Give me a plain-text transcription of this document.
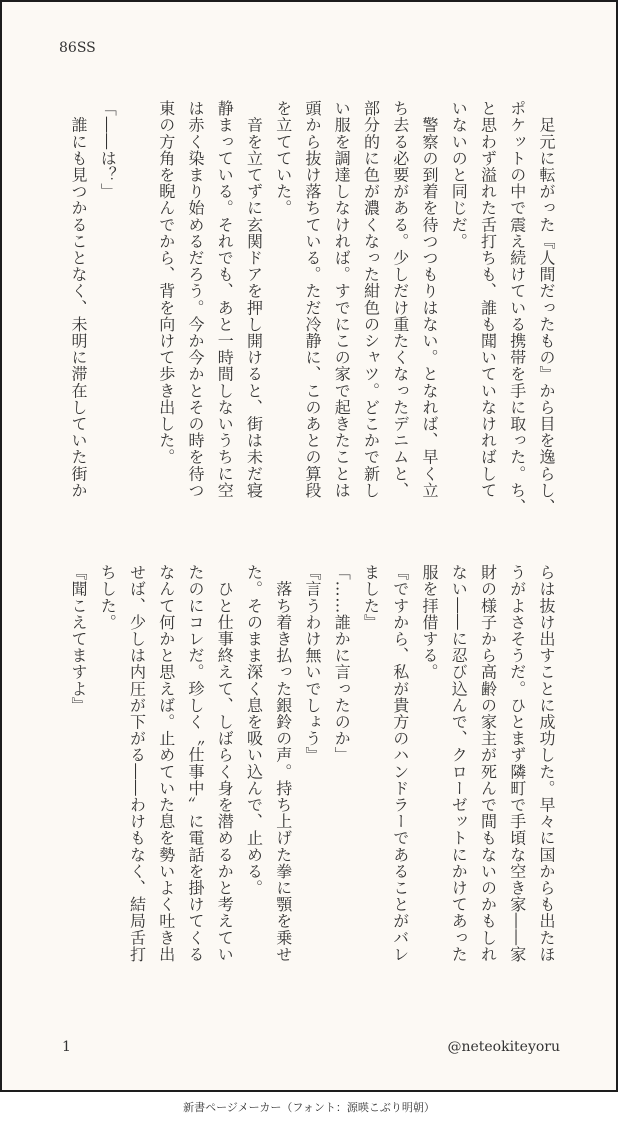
86SS
　足元に転がった『人間だったもの』から目を逸らし、
ポケットの中で震え続けている携帯を手に取った。ち、
と思わず溢れた舌打ちも、誰も聞いていなければして
いないのと同じだ。
　警察の到着を待つつもりはない。となれば、早く立
ち去る必要がある。少しだけ重たくなったデニムと、
部分的に色が濃くなった紺色のシャツ。どこかで新し
い服を調達しなければ。すでにこの家で起きたことは
頭から抜け落ちている。ただ冷静に、このあとの算段
を立てていた。
　音を立てずに玄関ドアを押し開けると、街は未だ寝
静まっている。それでも、あと一時間しないうちに空
は赤く染まり始めるだろう。今か今かとその時を待つ
東の方角を睨んでから、背を向けて歩き出した。

「――は？」
　誰にも見つかることなく、未明に滞在していた街か
らは抜け出すことに成功した。早々に国からも出たほ
うがよさそうだ。ひとまず隣町で手頃な空き家――家
財の様子から高齢の家主が死んで間もないのかもしれ
ない――に忍び込んで、クローゼットにかけてあった
服を拝借する。
『ですから、私が貴方のハンドラーであることがバレ
ました』
「……誰かに言ったのか」
『言うわけ無いでしょう』
　落ち着き払った銀鈴の声。持ち上げた拳に顎を乗せ
た。そのまま深く息を吸い込んで、止める。
　ひと仕事終えて、しばらく身を潜めるかと考えてい
たのにコレだ。珍しく〝仕事中〟に電話を掛けてくる
なんて何かと思えば。止めていた息を勢いよく吐き出
せば、少しは内圧が下がる――わけもなく、結局舌打
ちした。
『聞こえてますよ』
1	@neteokiteyoru
新書ページメーカー（フォント：源暎こぶり明朝）
